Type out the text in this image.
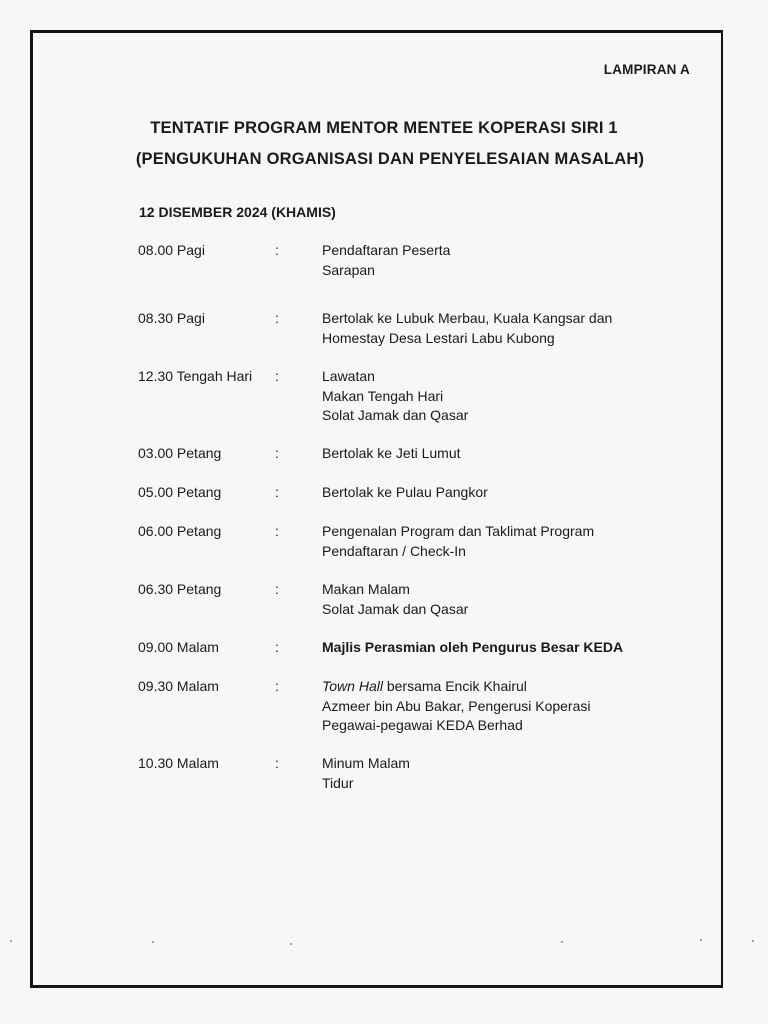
LAMPIRAN A
TENTATIF PROGRAM MENTOR MENTEE KOPERASI SIRI 1
(PENGUKUHAN ORGANISASI DAN PENYELESAIAN MASALAH)
12 DISEMBER 2024 (KHAMIS)
08.00 Pagi	:	Pendaftaran Peserta
Sarapan
08.30 Pagi	:	Bertolak ke Lubuk Merbau, Kuala Kangsar dan
Homestay Desa Lestari Labu Kubong
12.30 Tengah Hari	:	Lawatan
Makan Tengah Hari
Solat Jamak dan Qasar
03.00 Petang	:	Bertolak ke Jeti Lumut
05.00 Petang	:	Bertolak ke Pulau Pangkor
06.00 Petang	:	Pengenalan Program dan Taklimat Program
Pendaftaran / Check-In
06.30 Petang	:	Makan Malam
Solat Jamak dan Qasar
09.00 Malam	:	Majlis Perasmian oleh Pengurus Besar KEDA
09.30 Malam	:	Town Hall bersama Encik Khairul
Azmeer bin Abu Bakar, Pengerusi Koperasi
Pegawai-pegawai KEDA Berhad
10.30 Malam	:	Minum Malam
Tidur
